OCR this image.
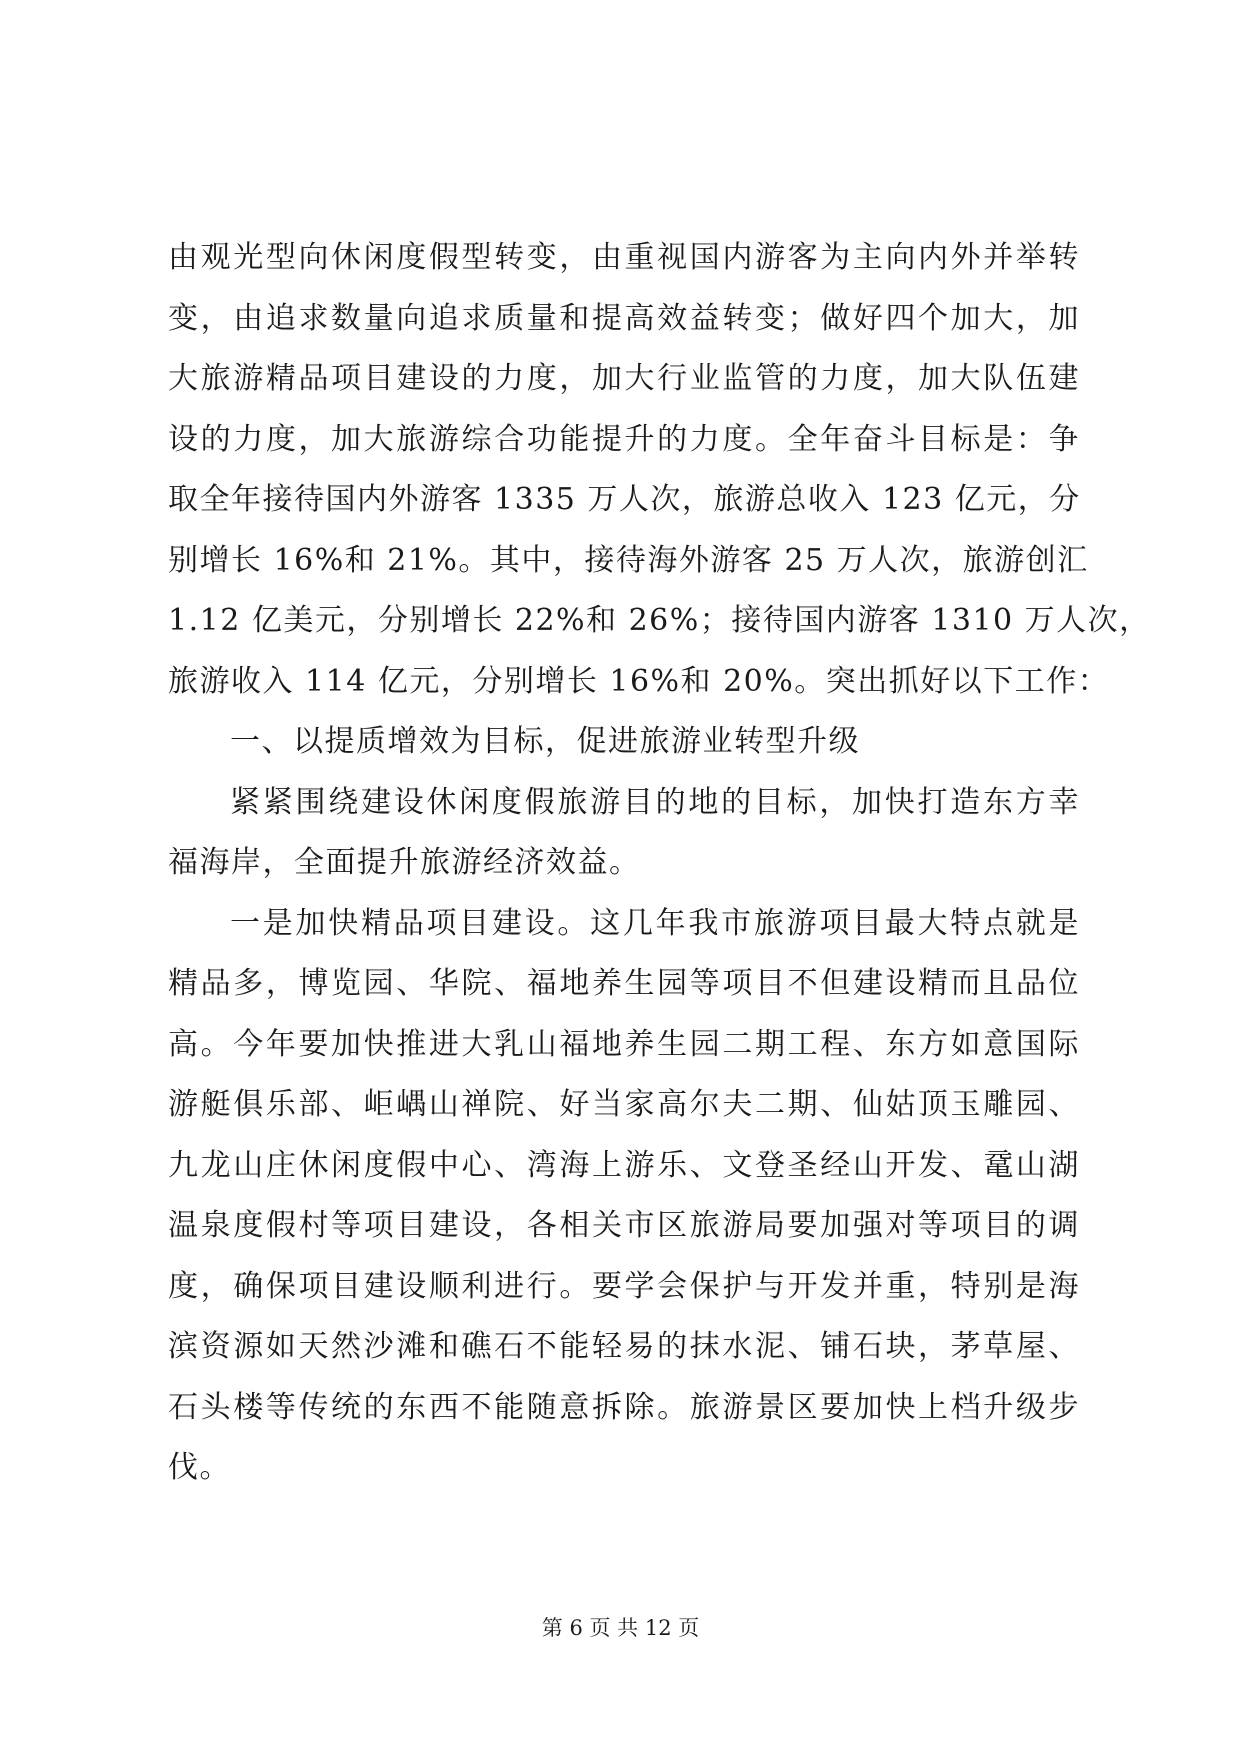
由观光型向休闲度假型转变，由重视国内游客为主向内外并举转
变，由追求数量向追求质量和提高效益转变；做好四个加大，加
大旅游精品项目建设的力度，加大行业监管的力度，加大队伍建
设的力度，加大旅游综合功能提升的力度。全年奋斗目标是：争
取全年接待国内外游客 1335 万人次，旅游总收入 123 亿元，分
别增长 16%和 21%。其中，接待海外游客 25 万人次，旅游创汇
1.12 亿美元，分别增长 22%和 26%；接待国内游客 1310 万人次，
旅游收入 114 亿元，分别增长 16%和 20%。突出抓好以下工作：
一、以提质增效为目标，促进旅游业转型升级
紧紧围绕建设休闲度假旅游目的地的目标，加快打造东方幸
福海岸，全面提升旅游经济效益。
一是加快精品项目建设。这几年我市旅游项目最大特点就是
精品多，博览园、华院、福地养生园等项目不但建设精而且品位
高。今年要加快推进大乳山福地养生园二期工程、东方如意国际
游艇俱乐部、岠嵎山禅院、好当家高尔夫二期、仙姑顶玉雕园、
九龙山庄休闲度假中心、湾海上游乐、文登圣经山开发、鼋山湖
温泉度假村等项目建设，各相关市区旅游局要加强对等项目的调
度，确保项目建设顺利进行。要学会保护与开发并重，特别是海
滨资源如天然沙滩和礁石不能轻易的抹水泥、铺石块，茅草屋、
石头楼等传统的东西不能随意拆除。旅游景区要加快上档升级步
伐。
第 6 页 共 12 页
